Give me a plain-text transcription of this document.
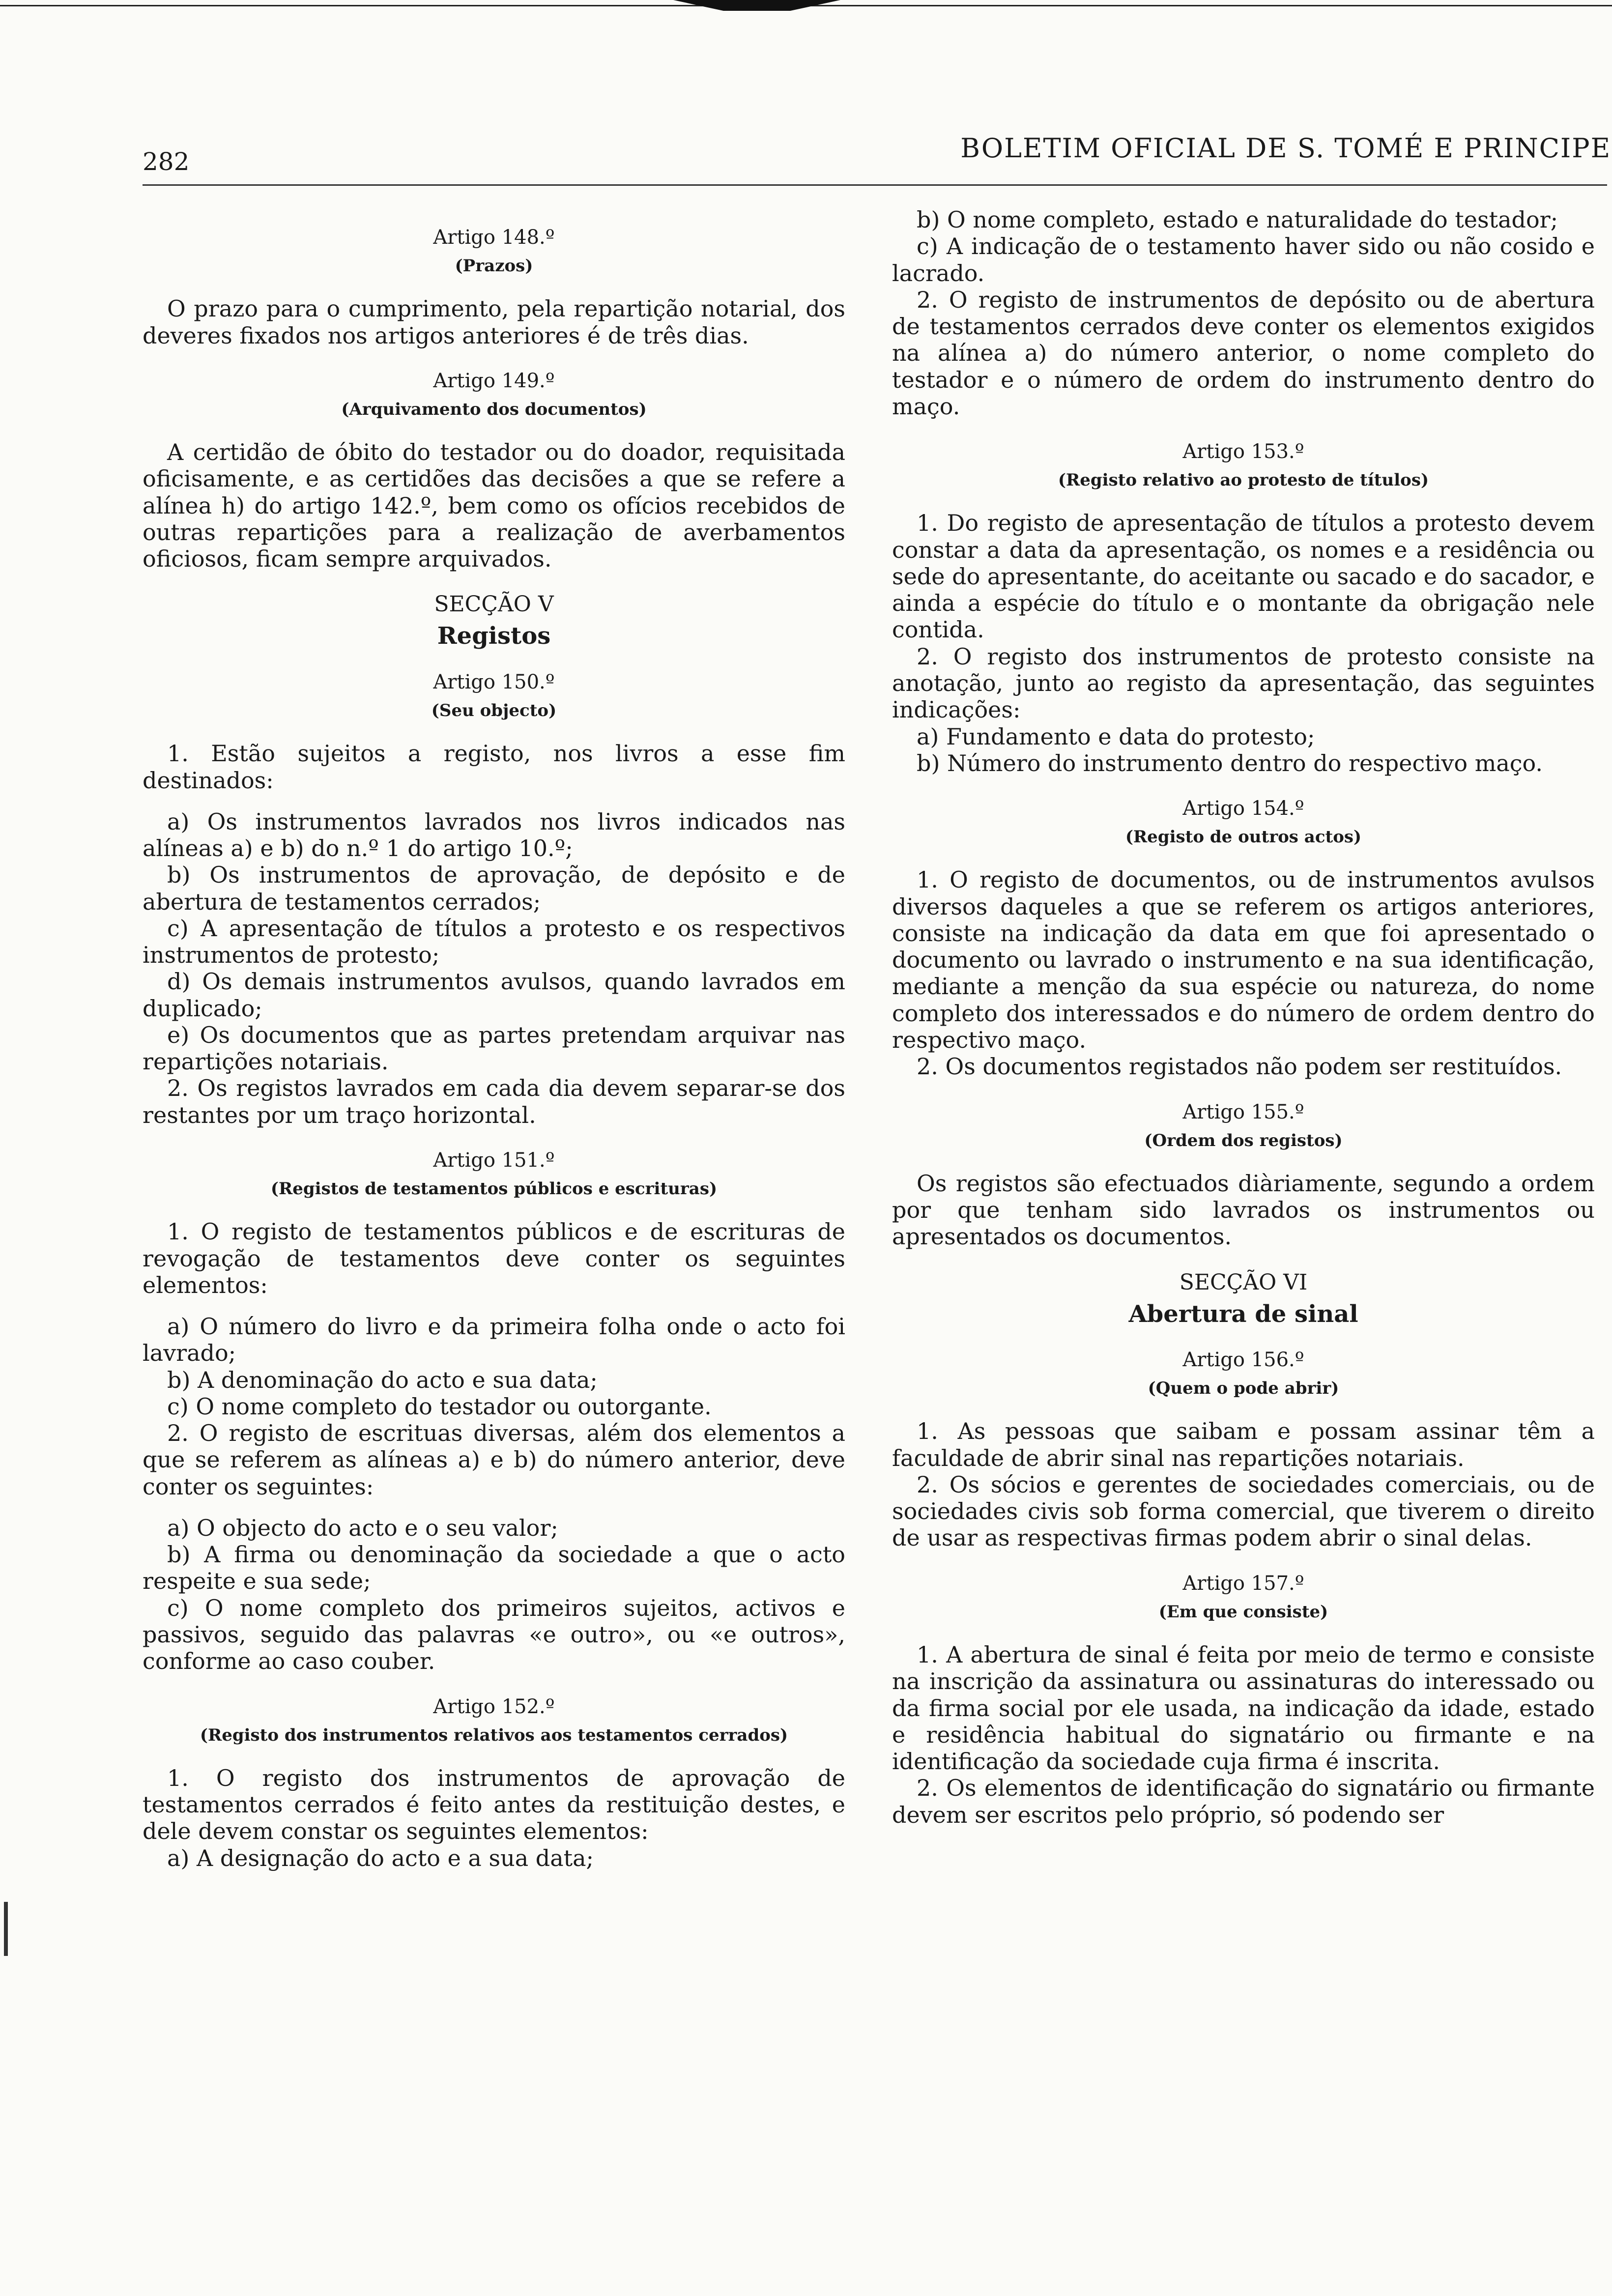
282	BOLETIM OFICIAL DE S. TOMÉ E PRINCIPE
Artigo 148.º
(Prazos)

O prazo para o cumprimento, pela repartição notarial, dos deveres fixados nos artigos anteriores é de três dias.

Artigo 149.º
(Arquivamento dos documentos)

A certidão de óbito do testador ou do doador, requisitada oficisamente, e as certidões das decisões a que se refere a alínea h) do artigo 142.º, bem como os ofícios recebidos de outras repartições para a realização de averbamentos oficiosos, ficam sempre arquivados.

SECÇÃO V
Registos
Artigo 150.º
(Seu objecto)

1. Estão sujeitos a registo, nos livros a esse fim destinados:

a) Os instrumentos lavrados nos livros indicados nas alíneas a) e b) do n.º 1 do artigo 10.º;

b) Os instrumentos de aprovação, de depósito e de abertura de testamentos cerrados;

c) A apresentação de títulos a protesto e os respectivos instrumentos de protesto;

d) Os demais instrumentos avulsos, quando lavrados em duplicado;

e) Os documentos que as partes pretendam arquivar nas repartições notariais.

2. Os registos lavrados em cada dia devem separar-se dos restantes por um traço horizontal.

Artigo 151.º
(Registos de testamentos públicos e escrituras)

1. O registo de testamentos públicos e de escrituras de revogação de testamentos deve conter os seguintes elementos:

a) O número do livro e da primeira folha onde o acto foi lavrado;

b) A denominação do acto e sua data;

c) O nome completo do testador ou outorgante.

2. O registo de escrituas diversas, além dos elementos a que se referem as alíneas a) e b) do número anterior, deve conter os seguintes:

a) O objecto do acto e o seu valor;

b) A firma ou denominação da sociedade a que o acto respeite e sua sede;

c) O nome completo dos primeiros sujeitos, activos e passivos, seguido das palavras «e outro», ou «e outros», conforme ao caso couber.

Artigo 152.º
(Registo dos instrumentos relativos aos testamentos cerrados)

1. O registo dos instrumentos de aprovação de testamentos cerrados é feito antes da restituição destes, e dele devem constar os seguintes elementos:

a) A designação do acto e a sua data;

b) O nome completo, estado e naturalidade do testador;

c) A indicação de o testamento haver sido ou não cosido e lacrado.

2. O registo de instrumentos de depósito ou de abertura de testamentos cerrados deve conter os elementos exigidos na alínea a) do número anterior, o nome completo do testador e o número de ordem do instrumento dentro do maço.

Artigo 153.º
(Registo relativo ao protesto de títulos)

1. Do registo de apresentação de títulos a protesto devem constar a data da apresentação, os nomes e a residência ou sede do apresentante, do aceitante ou sacado e do sacador, e ainda a espécie do título e o montante da obrigação nele contida.

2. O registo dos instrumentos de protesto consiste na anotação, junto ao registo da apresentação, das seguintes indicações:

a) Fundamento e data do protesto;

b) Número do instrumento dentro do respectivo maço.

Artigo 154.º
(Registo de outros actos)

1. O registo de documentos, ou de instrumentos avulsos diversos daqueles a que se referem os artigos anteriores, consiste na indicação da data em que foi apresentado o documento ou lavrado o instrumento e na sua identificação, mediante a menção da sua espécie ou natureza, do nome completo dos interessados e do número de ordem dentro do respectivo maço.

2. Os documentos registados não podem ser restituídos.

Artigo 155.º
(Ordem dos registos)

Os registos são efectuados diàriamente, segundo a ordem por que tenham sido lavrados os instrumentos ou apresentados os documentos.

SECÇÃO VI
Abertura de sinal
Artigo 156.º
(Quem o pode abrir)

1. As pessoas que saibam e possam assinar têm a faculdade de abrir sinal nas repartições notariais.

2. Os sócios e gerentes de sociedades comerciais, ou de sociedades civis sob forma comercial, que tiverem o direito de usar as respectivas firmas podem abrir o sinal delas.

Artigo 157.º
(Em que consiste)

1. A abertura de sinal é feita por meio de termo e consiste na inscrição da assinatura ou assinaturas do interessado ou da firma social por ele usada, na indicação da idade, estado e residência habitual do signatário ou firmante e na identificação da sociedade cuja firma é inscrita.

2. Os elementos de identificação do signatário ou firmante devem ser escritos pelo próprio, só podendo ser
